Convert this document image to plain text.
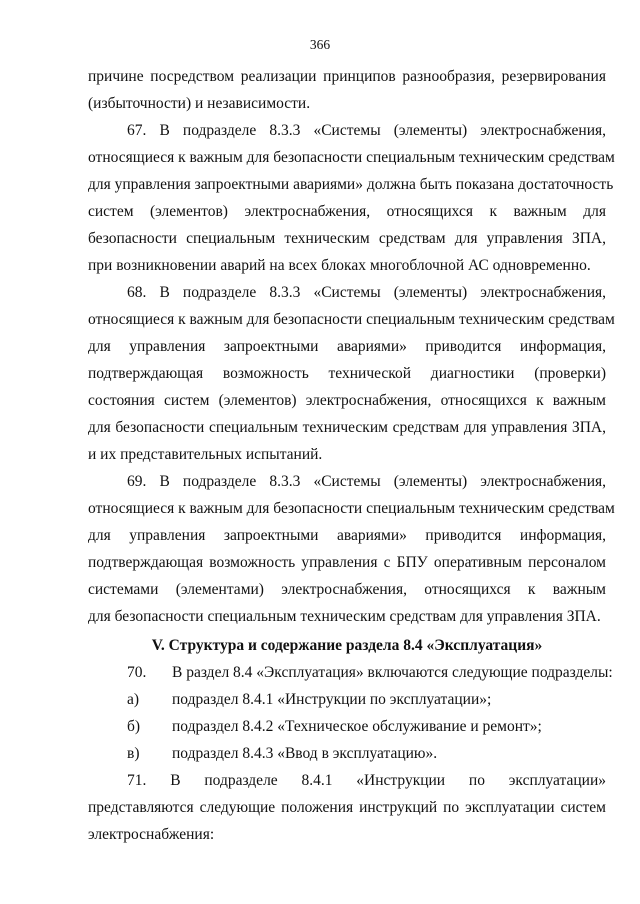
366
причине посредством реализации принципов разнообразия, резервирования
(избыточности) и независимости.
67. В подразделе 8.3.3 «Системы (элементы) электроснабжения,
относящиеся к важным для безопасности специальным техническим средствам
для управления запроектными авариями» должна быть показана достаточность
систем (элементов) электроснабжения, относящихся к важным для
безопасности специальным техническим средствам для управления ЗПА,
при возникновении аварий на всех блоках многоблочной АС одновременно.
68. В подразделе 8.3.3 «Системы (элементы) электроснабжения,
относящиеся к важным для безопасности специальным техническим средствам
для управления запроектными авариями» приводится информация,
подтверждающая возможность технической диагностики (проверки)
состояния систем (элементов) электроснабжения, относящихся к важным
для безопасности специальным техническим средствам для управления ЗПА,
и их представительных испытаний.
69. В подразделе 8.3.3 «Системы (элементы) электроснабжения,
относящиеся к важным для безопасности специальным техническим средствам
для управления запроектными авариями» приводится информация,
подтверждающая возможность управления с БПУ оперативным персоналом
системами (элементами) электроснабжения, относящихся к важным
для безопасности специальным техническим средствам для управления ЗПА.
V. Структура и содержание раздела 8.4 «Эксплуатация»
70. В раздел 8.4 «Эксплуатация» включаются следующие подразделы:
а) подраздел 8.4.1 «Инструкции по эксплуатации»;
б) подраздел 8.4.2 «Техническое обслуживание и ремонт»;
в) подраздел 8.4.3 «Ввод в эксплуатацию».
71. В подразделе 8.4.1 «Инструкции по эксплуатации»
представляются следующие положения инструкций по эксплуатации систем
электроснабжения:
